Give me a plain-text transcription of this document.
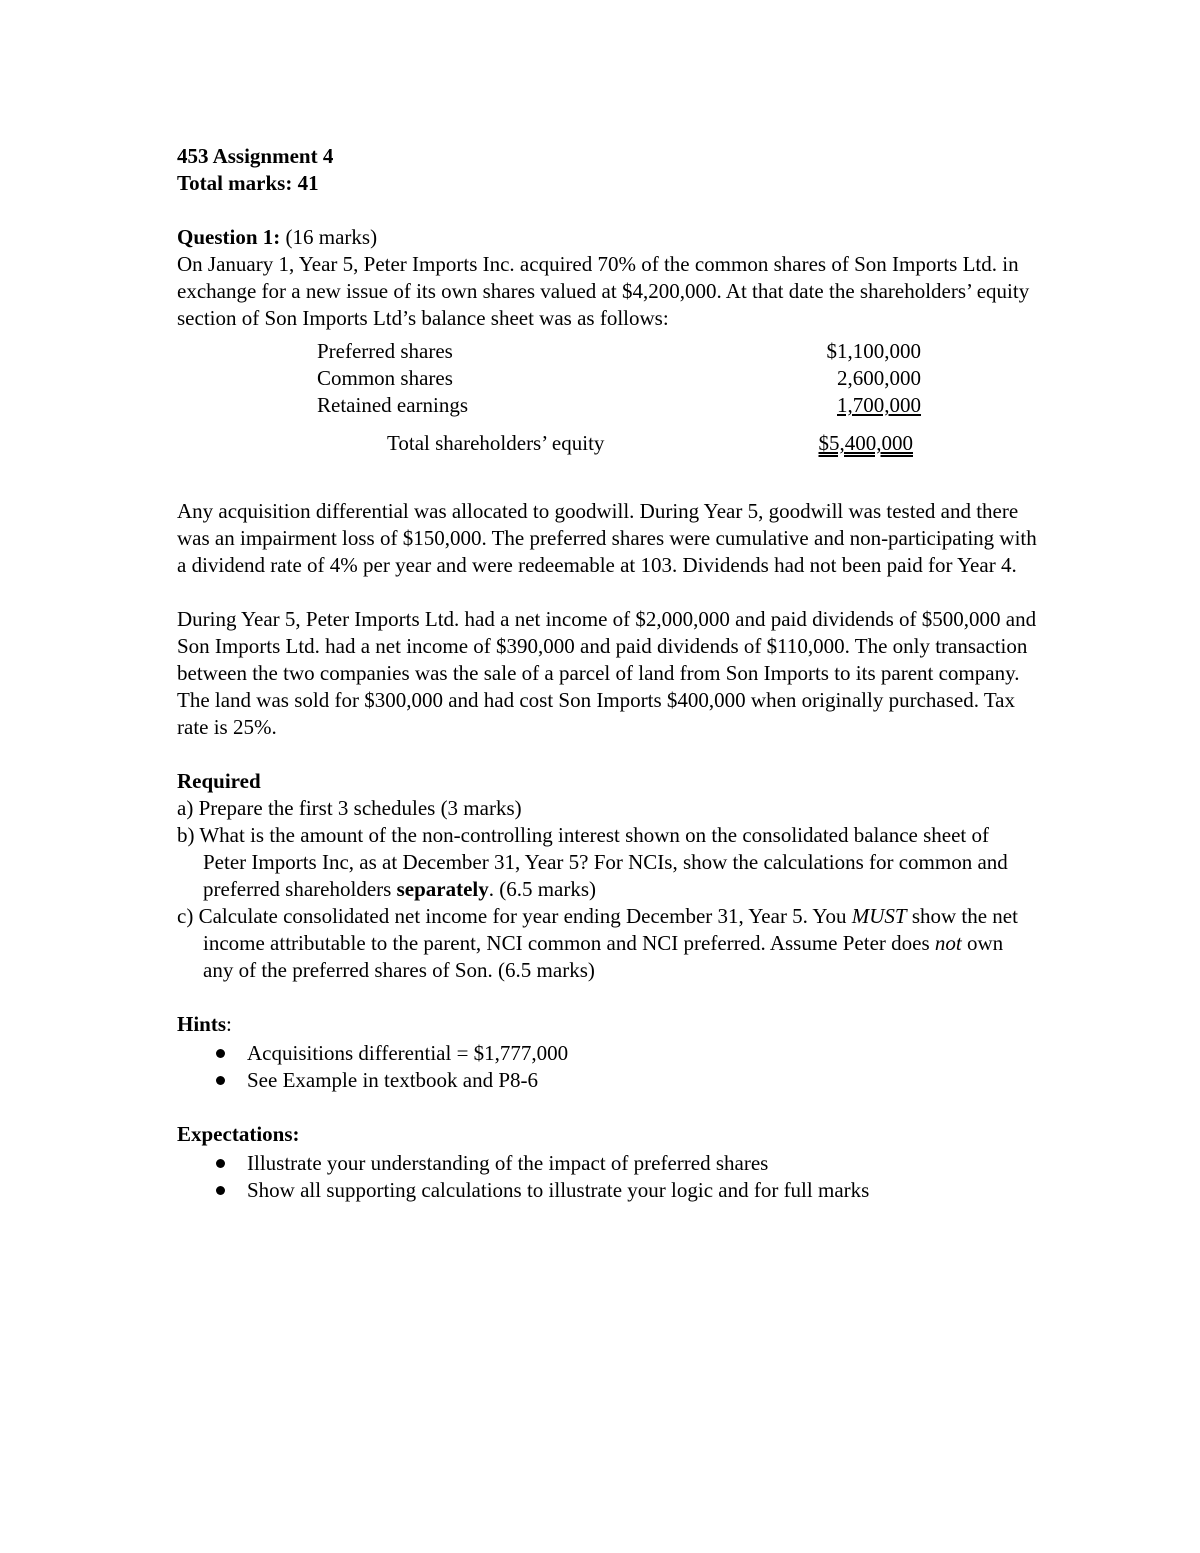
453 Assignment 4

Total marks: 41

Question 1: (16 marks)

On January 1, Year 5, Peter Imports Inc. acquired 70% of the common shares of Son Imports Ltd. in exchange for a new issue of its own shares valued at $4,200,000. At that date the shareholders’ equity section of Son Imports Ltd’s balance sheet was as follows:

Preferred shares	$1,100,000
Common shares	2,600,000
Retained earnings	1,700,000
Total shareholders’ equity	$5,400,000

Any acquisition differential was allocated to goodwill. During Year 5, goodwill was tested and there was an impairment loss of $150,000. The preferred shares were cumulative and non-participating with a dividend rate of 4% per year and were redeemable at 103. Dividends had not been paid for Year 4.

During Year 5, Peter Imports Ltd. had a net income of $2,000,000 and paid dividends of $500,000 and Son Imports Ltd. had a net income of $390,000 and paid dividends of $110,000. The only transaction between the two companies was the sale of a parcel of land from Son Imports to its parent company. The land was sold for $300,000 and had cost Son Imports $400,000 when originally purchased. Tax rate is 25%.

Required

a) Prepare the first 3 schedules (3 marks)
b) What is the amount of the non-controlling interest shown on the consolidated balance sheet of Peter Imports Inc, as at December 31, Year 5? For NCIs, show the calculations for common and preferred shareholders separately. (6.5 marks)
c) Calculate consolidated net income for year ending December 31, Year 5. You MUST show the net income attributable to the parent, NCI common and NCI preferred. Assume Peter does not own any of the preferred shares of Son. (6.5 marks)

Hints:

Acquisitions differential = $1,777,000
See Example in textbook and P8-6

Expectations:

Illustrate your understanding of the impact of preferred shares
Show all supporting calculations to illustrate your logic and for full marks
